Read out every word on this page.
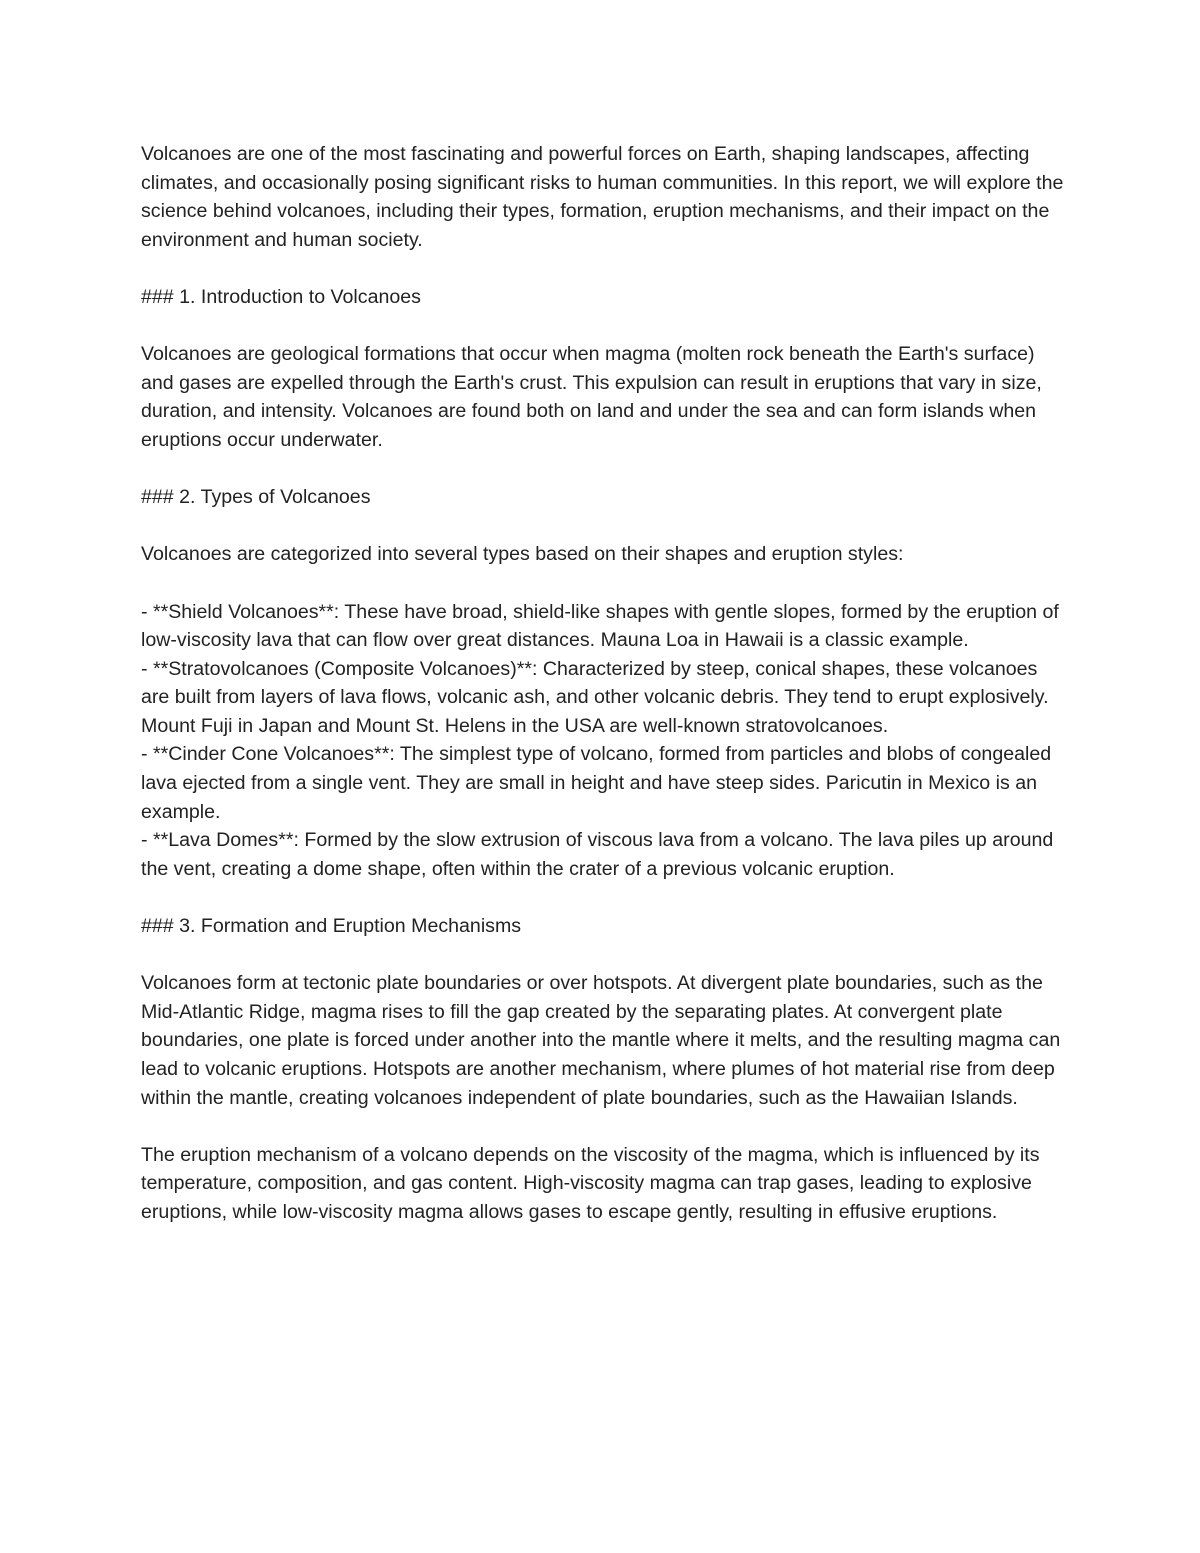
Volcanoes are one of the most fascinating and powerful forces on Earth, shaping landscapes, affecting climates, and occasionally posing significant risks to human communities. In this report, we will explore the science behind volcanoes, including their types, formation, eruption mechanisms, and their impact on the environment and human society.

### 1. Introduction to Volcanoes

Volcanoes are geological formations that occur when magma (molten rock beneath the Earth's surface) and gases are expelled through the Earth's crust. This expulsion can result in eruptions that vary in size, duration, and intensity. Volcanoes are found both on land and under the sea and can form islands when eruptions occur underwater.

### 2. Types of Volcanoes

Volcanoes are categorized into several types based on their shapes and eruption styles:

- **Shield Volcanoes**: These have broad, shield-like shapes with gentle slopes, formed by the eruption of low-viscosity lava that can flow over great distances. Mauna Loa in Hawaii is a classic example.

- **Stratovolcanoes (Composite Volcanoes)**: Characterized by steep, conical shapes, these volcanoes are built from layers of lava flows, volcanic ash, and other volcanic debris. They tend to erupt explosively. Mount Fuji in Japan and Mount St. Helens in the USA are well-known stratovolcanoes.

- **Cinder Cone Volcanoes**: The simplest type of volcano, formed from particles and blobs of congealed lava ejected from a single vent. They are small in height and have steep sides. Paricutin in Mexico is an example.

- **Lava Domes**: Formed by the slow extrusion of viscous lava from a volcano. The lava piles up around the vent, creating a dome shape, often within the crater of a previous volcanic eruption.

### 3. Formation and Eruption Mechanisms

Volcanoes form at tectonic plate boundaries or over hotspots. At divergent plate boundaries, such as the Mid-Atlantic Ridge, magma rises to fill the gap created by the separating plates. At convergent plate boundaries, one plate is forced under another into the mantle where it melts, and the resulting magma can lead to volcanic eruptions. Hotspots are another mechanism, where plumes of hot material rise from deep within the mantle, creating volcanoes independent of plate boundaries, such as the Hawaiian Islands.

The eruption mechanism of a volcano depends on the viscosity of the magma, which is influenced by its temperature, composition, and gas content. High-viscosity magma can trap gases, leading to explosive eruptions, while low-viscosity magma allows gases to escape gently, resulting in effusive eruptions.
